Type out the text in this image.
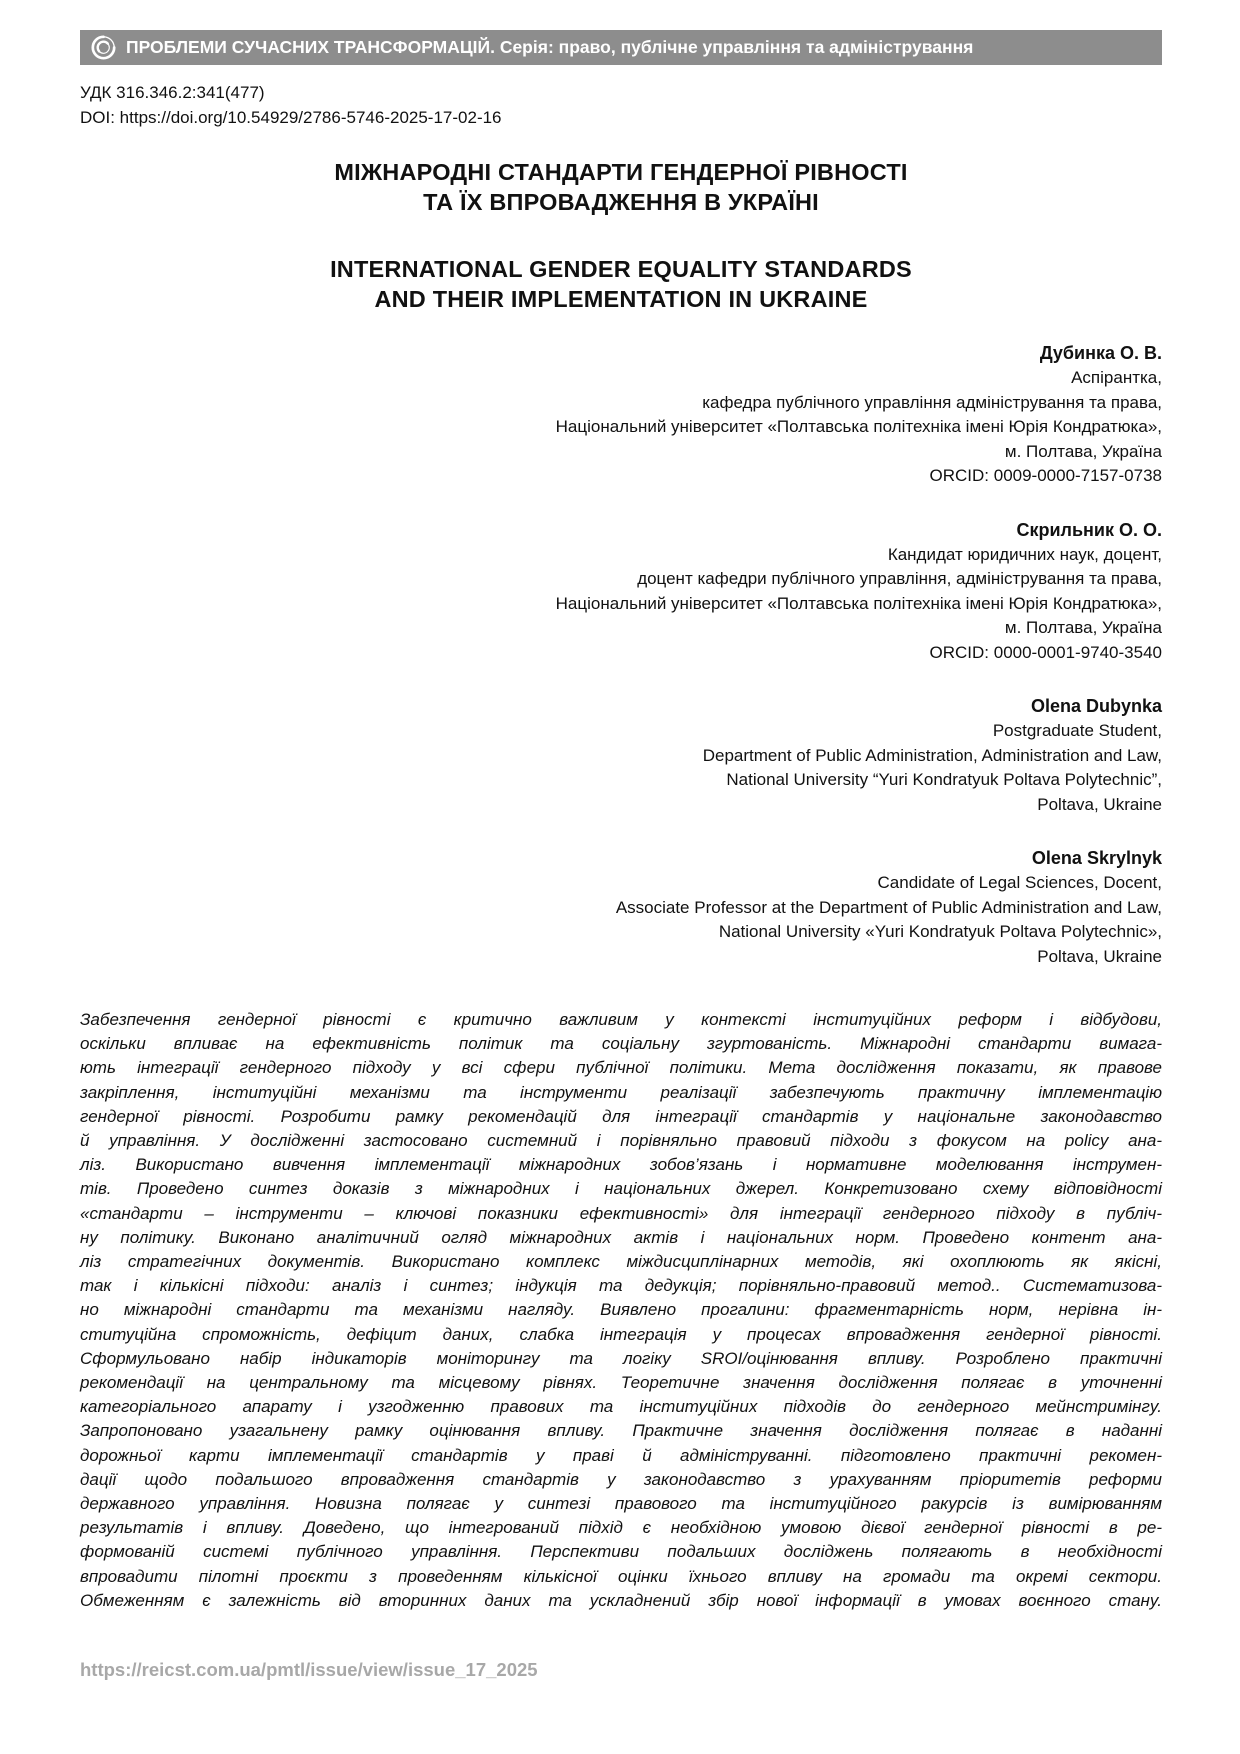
ПРОБЛЕМИ СУЧАСНИХ ТРАНСФОРМАЦІЙ. Серія: право, публічне управління та адміністрування
УДК 316.346.2:341(477)
DOI: https://doi.org/10.54929/2786-5746-2025-17-02-16
МІЖНАРОДНІ СТАНДАРТИ ГЕНДЕРНОЇ РІВНОСТІ
ТА ЇХ ВПРОВАДЖЕННЯ В УКРАЇНІ
INTERNATIONAL GENDER EQUALITY STANDARDS
AND THEIR IMPLEMENTATION IN UKRAINE
Дубинка О. В.
Аспірантка,
кафедра публічного управління адміністрування та права,
Національний університет «Полтавська політехніка імені Юрія Кондратюка»,
м. Полтава, Україна
ORCID: 0009-0000-7157-0738
Скрильник О. О.
Кандидат юридичних наук, доцент,
доцент кафедри публічного управління, адміністрування та права,
Національний університет «Полтавська політехніка імені Юрія Кондратюка»,
м. Полтава, Україна
ORCID: 0000-0001-9740-3540
Olena Dubynka
Postgraduate Student,
Department of Public Administration, Administration and Law,
National University “Yuri Kondratyuk Poltava Polytechnic”,
Poltava, Ukraine
Olena Skrylnyk
Candidate of Legal Sciences, Docent,
Associate Professor at the Department of Public Administration and Law,
National University «Yuri Kondratyuk Poltava Polytechnic»,
Poltava, Ukraine
Забезпечення гендерної рівності є критично важливим у контексті інституційних реформ і відбудови,
оскільки впливає на ефективність політик та соціальну згуртованість. Міжнародні стандарти вимага-
ють інтеграції гендерного підходу у всі сфери публічної політики. Мета дослідження показати, як правове
закріплення, інституційні механізми та інструменти реалізації забезпечують практичну імплементацію
гендерної рівності. Розробити рамку рекомендацій для інтеграції стандартів у національне законодавство
й управління. У дослідженні застосовано системний і порівняльно правовий підходи з фокусом на policy ана-
ліз. Використано вивчення імплементації міжнародних зобов’язань і нормативне моделювання інструмен-
тів. Проведено синтез доказів з міжнародних і національних джерел. Конкретизовано схему відповідності
«стандарти – інструменти – ключові показники ефективності» для інтеграції гендерного підходу в публіч-
ну політику. Виконано аналітичний огляд міжнародних актів і національних норм. Проведено контент ана-
ліз стратегічних документів. Використано комплекс міждисциплінарних методів, які охоплюють як якісні,
так і кількісні підходи: аналіз і синтез; індукція та дедукція; порівняльно-правовий метод.. Систематизова-
но міжнародні стандарти та механізми нагляду. Виявлено прогалини: фрагментарність норм, нерівна ін-
ституційна спроможність, дефіцит даних, слабка інтеграція у процесах впровадження гендерної рівності.
Сформульовано набір індикаторів моніторингу та логіку SROI/оцінювання впливу. Розроблено практичні
рекомендації на центральному та місцевому рівнях. Теоретичне значення дослідження полягає в уточненні
категоріального апарату і узгодженню правових та інституційних підходів до гендерного мейнстримінгу.
Запропоновано узагальнену рамку оцінювання впливу. Практичне значення дослідження полягає в наданні
дорожньої карти імплементації стандартів у праві й адмініструванні. підготовлено практичні рекомен-
дації щодо подальшого впровадження стандартів у законодавство з урахуванням пріоритетів реформи
державного управління. Новизна полягає у синтезі правового та інституційного ракурсів із вимірюванням
результатів і впливу. Доведено, що інтегрований підхід є необхідною умовою дієвої гендерної рівності в ре-
формованій системі публічного управління. Перспективи подальших досліджень полягають в необхідності
впровадити пілотні проєкти з проведенням кількісної оцінки їхнього впливу на громади та окремі сектори.
Обмеженням є залежність від вторинних даних та ускладнений збір нової інформації в умовах воєнного стану.
https://reicst.com.ua/pmtl/issue/view/issue_17_2025
